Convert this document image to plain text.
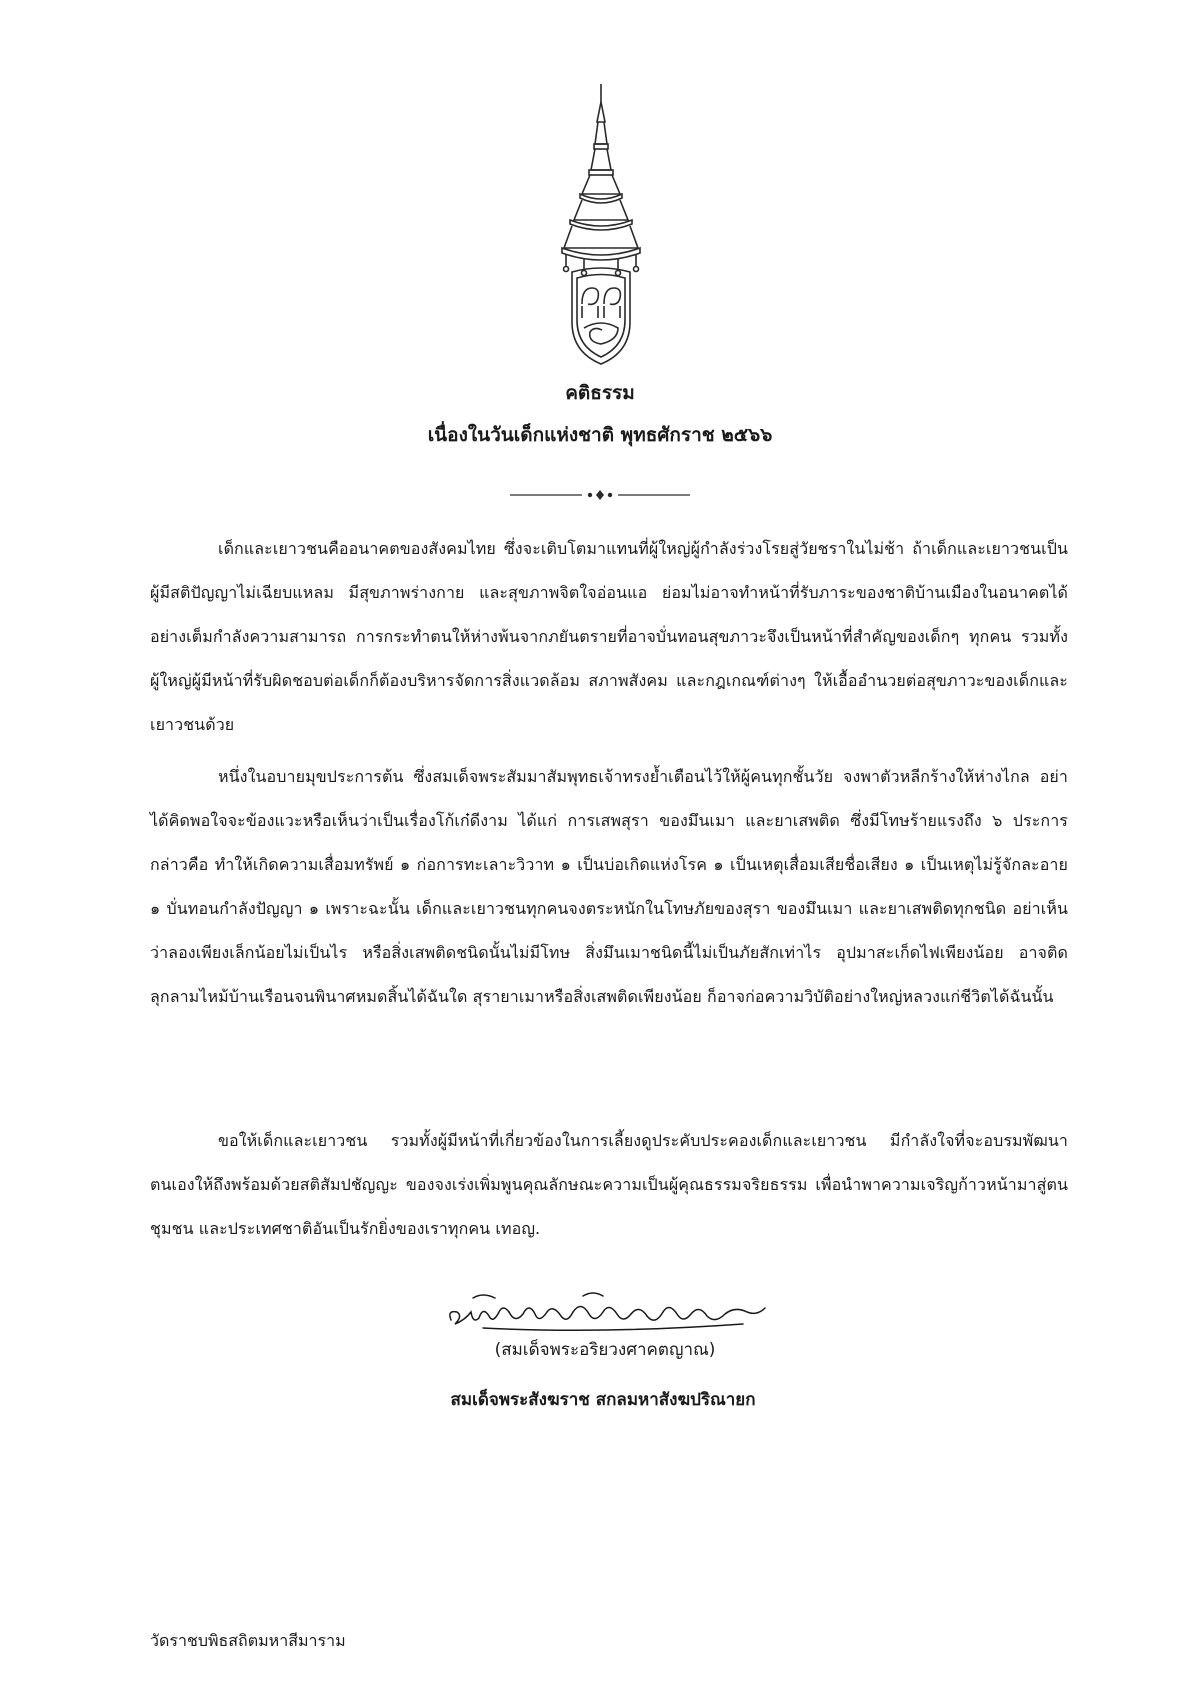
คติธรรม
เนื่องในวันเด็กแห่งชาติ พุทธศักราช ๒๕๖๖

เด็กและเยาวชนคืออนาคตของสังคมไทย ซึ่งจะเติบโตมาแทนที่ผู้ใหญ่ผู้กำลังร่วงโรยสู่วัยชราในไม่ช้า ถ้าเด็กและเยาวชนเป็นผู้มีสติปัญญาไม่เฉียบแหลม มีสุขภาพร่างกาย และสุขภาพจิตใจอ่อนแอ ย่อมไม่อาจทำหน้าที่รับภาระของชาติบ้านเมืองในอนาคตได้อย่างเต็มกำลังความสามารถ การกระทำตนให้ห่างพ้นจากภยันตรายที่อาจบั่นทอนสุขภาวะจึงเป็นหน้าที่สำคัญของเด็กๆ ทุกคน รวมทั้งผู้ใหญ่ผู้มีหน้าที่รับผิดชอบต่อเด็กก็ต้องบริหารจัดการสิ่งแวดล้อม สภาพสังคม และกฎเกณฑ์ต่างๆ ให้เอื้ออำนวยต่อสุขภาวะของเด็กและเยาวชนด้วย

หนึ่งในอบายมุขประการต้น ซึ่งสมเด็จพระสัมมาสัมพุทธเจ้าทรงย้ำเตือนไว้ให้ผู้คนทุกชั้นวัย จงพาตัวหลีกร้างให้ห่างไกล อย่าได้คิดพอใจจะข้องแวะหรือเห็นว่าเป็นเรื่องโก้เก๋ดีงาม ได้แก่ การเสพสุรา ของมึนเมา และยาเสพติด ซึ่งมีโทษร้ายแรงถึง ๖ ประการ กล่าวคือ ทำให้เกิดความเสื่อมทรัพย์ ๑ ก่อการทะเลาะวิวาท ๑ เป็นบ่อเกิดแห่งโรค ๑ เป็นเหตุเสื่อมเสียชื่อเสียง ๑ เป็นเหตุไม่รู้จักละอาย ๑ บั่นทอนกำลังปัญญา ๑ เพราะฉะนั้น เด็กและเยาวชนทุกคนจงตระหนักในโทษภัยของสุรา ของมึนเมา และยาเสพติดทุกชนิด อย่าเห็นว่าลองเพียงเล็กน้อยไม่เป็นไร หรือสิ่งเสพติดชนิดนั้นไม่มีโทษ สิ่งมึนเมาชนิดนี้ไม่เป็นภัยสักเท่าไร อุปมาสะเก็ดไฟเพียงน้อย อาจติดลุกลามไหม้บ้านเรือนจนพินาศหมดสิ้นได้ฉันใด สุรายาเมาหรือสิ่งเสพติดเพียงน้อย ก็อาจก่อความวิบัติอย่างใหญ่หลวงแก่ชีวิตได้ฉันนั้น

ขอให้เด็กและเยาวชน รวมทั้งผู้มีหน้าที่เกี่ยวข้องในการเลี้ยงดูประคับประคองเด็กและเยาวชน มีกำลังใจที่จะอบรมพัฒนาตนเองให้ถึงพร้อมด้วยสติสัมปชัญญะ ของจงเร่งเพิ่มพูนคุณลักษณะความเป็นผู้คุณธรรมจริยธรรม เพื่อนำพาความเจริญก้าวหน้ามาสู่ตน ชุมชน และประเทศชาติอันเป็นรักยิ่งของเราทุกคน เทอญ.

(สมเด็จพระอริยวงศาคตญาณ)
สมเด็จพระสังฆราช สกลมหาสังฆปริณายก
วัดราชบพิธสถิตมหาสีมาราม
